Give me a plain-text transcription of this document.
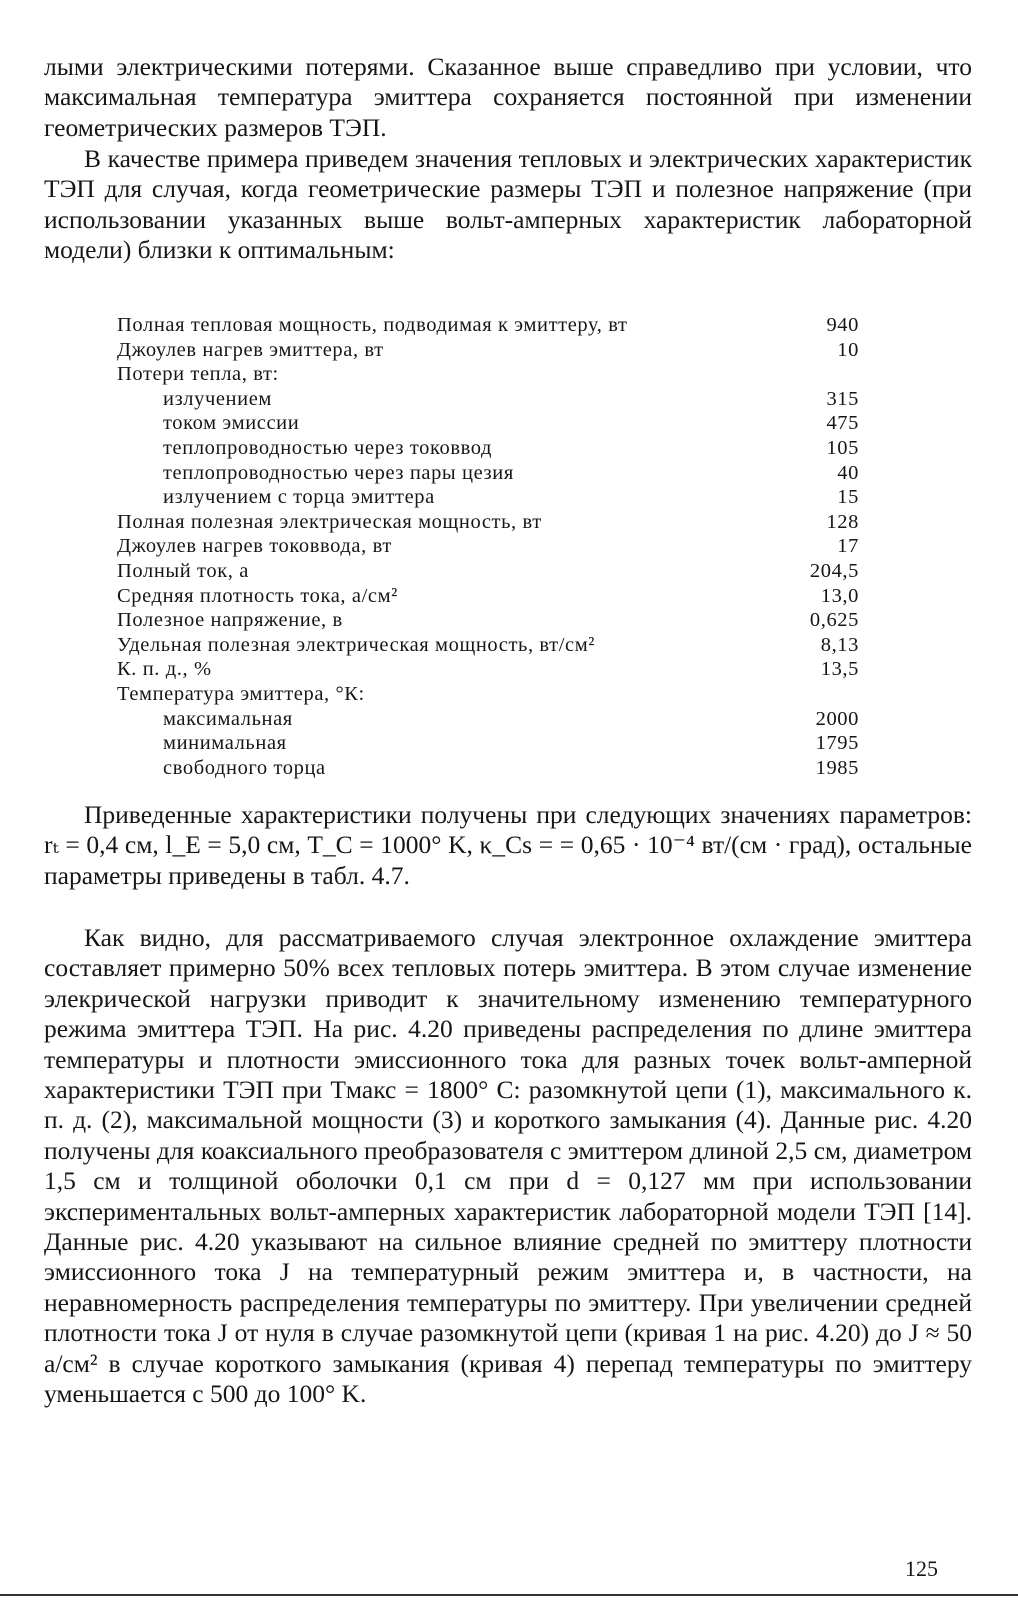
лыми электрическими потерями. Сказанное выше справедливо при условии, что максимальная температура эмиттера сохраняется постоянной при изменении геометрических размеров ТЭП.

В качестве примера приведем значения тепловых и электрических характеристик ТЭП для случая, когда геометрические размеры ТЭП и полезное напряжение (при использовании указанных выше вольт-амперных характеристик лабораторной модели) близки к оптимальным:

Полная тепловая мощность, подводимая к эмиттеру, вт	940
Джоулев нагрев эмиттера, вт	10
Потери тепла, вт:
излучением	315
током эмиссии	475
теплопроводностью через токоввод	105
теплопроводностью через пары цезия	40
излучением с торца эмиттера	15
Полная полезная электрическая мощность, вт	128
Джоулев нагрев токоввода, вт	17
Полный ток, а	204,5
Средняя плотность тока, а/см²	13,0
Полезное напряжение, в	0,625
Удельная полезная электрическая мощность, вт/см²	8,13
К. п. д., %	13,5
Температура эмиттера, °К:
максимальная	2000
минимальная	1795
свободного торца	1985

Приведенные характеристики получены при следующих значениях параметров: rₜ = 0,4 см, l_E = 5,0 см, T_C = 1000° K, κ_Cs = = 0,65 · 10⁻⁴ вт/(см · град), остальные параметры приведены в табл. 4.7.

Как видно, для рассматриваемого случая электронное охлаждение эмиттера составляет примерно 50% всех тепловых потерь эмиттера. В этом случае изменение элекрической нагрузки приводит к значительному изменению температурного режима эмиттера ТЭП. На рис. 4.20 приведены распределения по длине эмиттера температуры и плотности эмиссионного тока для разных точек вольт-амперной характеристики ТЭП при Tмакс = 1800° C: разомкнутой цепи (1), максимального к. п. д. (2), максимальной мощности (3) и короткого замыкания (4). Данные рис. 4.20 получены для коаксиального преобразователя с эмиттером длиной 2,5 см, диаметром 1,5 см и толщиной оболочки 0,1 см при d = 0,127 мм при использовании экспериментальных вольт-амперных характеристик лабораторной модели ТЭП [14]. Данные рис. 4.20 указывают на сильное влияние средней по эмиттеру плотности эмиссионного тока J на температурный режим эмиттера и, в частности, на неравномерность распределения температуры по эмиттеру. При увеличении средней плотности тока J от нуля в случае разомкнутой цепи (кривая 1 на рис. 4.20) до J ≈ 50 а/см² в случае короткого замыкания (кривая 4) перепад температуры по эмиттеру уменьшается с 500 до 100° K.

125
